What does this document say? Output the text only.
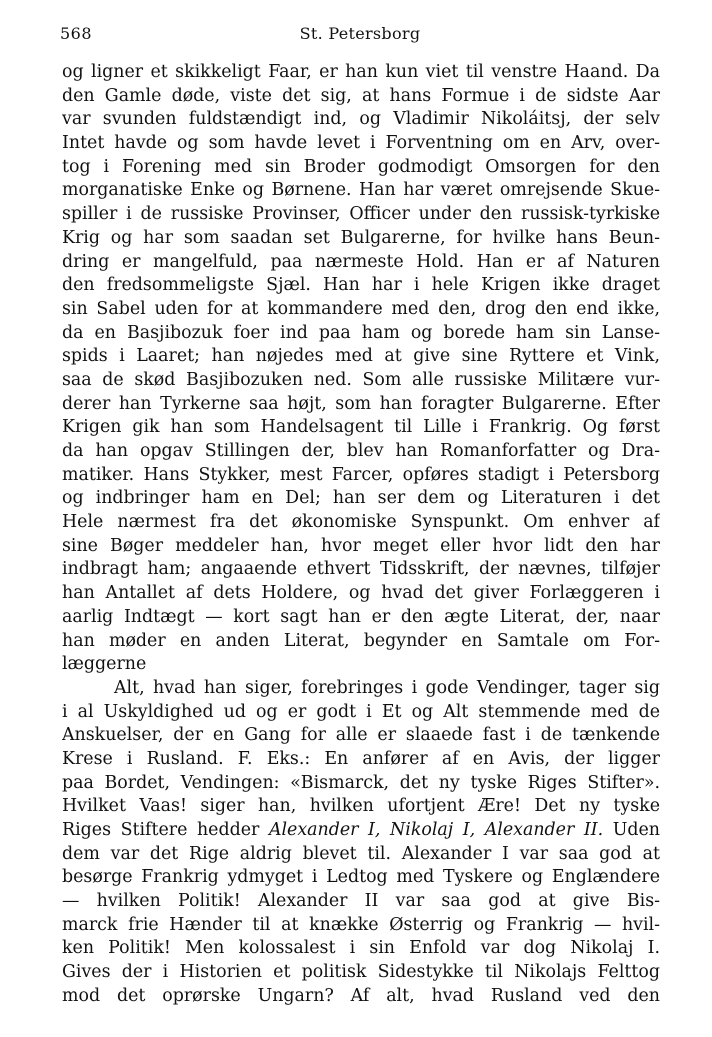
568	St. Petersborg
og ligner et skikkeligt Faar, er han kun viet til venstre Haand. Da
den Gamle døde, viste det sig, at hans Formue i de sidste Aar
var svunden fuldstændigt ind, og Vladimir Nikoláitsj, der selv
Intet havde og som havde levet i Forventning om en Arv, over-
tog i Forening med sin Broder godmodigt Omsorgen for den
morganatiske Enke og Børnene. Han har været omrejsende Skue-
spiller i de russiske Provinser, Officer under den russisk-tyrkiske
Krig og har som saadan set Bulgarerne, for hvilke hans Beun-
dring er mangelfuld, paa nærmeste Hold. Han er af Naturen
den fredsommeligste Sjæl. Han har i hele Krigen ikke draget
sin Sabel uden for at kommandere med den, drog den end ikke,
da en Basjibozuk foer ind paa ham og borede ham sin Lanse-
spids i Laaret; han nøjedes med at give sine Ryttere et Vink,
saa de skød Basjibozuken ned. Som alle russiske Militære vur-
derer han Tyrkerne saa højt, som han foragter Bulgarerne. Efter
Krigen gik han som Handelsagent til Lille i Frankrig. Og først
da han opgav Stillingen der, blev han Romanforfatter og Dra-
matiker. Hans Stykker, mest Farcer, opføres stadigt i Petersborg
og indbringer ham en Del; han ser dem og Literaturen i det
Hele nærmest fra det økonomiske Synspunkt. Om enhver af
sine Bøger meddeler han, hvor meget eller hvor lidt den har
indbragt ham; angaaende ethvert Tidsskrift, der nævnes, tilføjer
han Antallet af dets Holdere, og hvad det giver Forlæggeren i
aarlig Indtægt — kort sagt han er den ægte Literat, der, naar
han møder en anden Literat, begynder en Samtale om For-
læggerne
Alt, hvad han siger, forebringes i gode Vendinger, tager sig
i al Uskyldighed ud og er godt i Et og Alt stemmende med de
Anskuelser, der en Gang for alle er slaaede fast i de tænkende
Krese i Rusland. F. Eks.: En anfører af en Avis, der ligger
paa Bordet, Vendingen: «Bismarck, det ny tyske Riges Stifter».
Hvilket Vaas! siger han, hvilken ufortjent Ære! Det ny tyske
Riges Stiftere hedder Alexander I, Nikolaj I, Alexander II. Uden
dem var det Rige aldrig blevet til. Alexander I var saa god at
besørge Frankrig ydmyget i Ledtog med Tyskere og Englændere
— hvilken Politik! Alexander II var saa god at give Bis-
marck frie Hænder til at knække Østerrig og Frankrig — hvil-
ken Politik! Men kolossalest i sin Enfold var dog Nikolaj I.
Gives der i Historien et politisk Sidestykke til Nikolajs Felttog
mod det oprørske Ungarn? Af alt, hvad Rusland ved den
